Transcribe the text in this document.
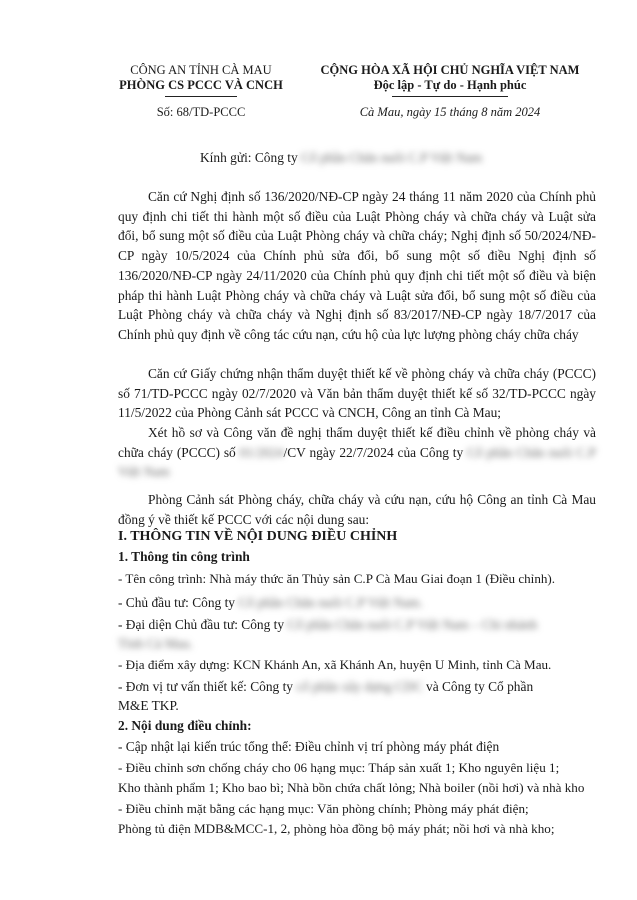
CÔNG AN TỈNH CÀ MAU
PHÒNG CS PCCC VÀ CNCH
Số: 68/TD-PCCC
CỘNG HÒA XÃ HỘI CHỦ NGHĨA VIỆT NAM
Độc lập - Tự do - Hạnh phúc
Cà Mau, ngày 15 tháng 8 năm 2024
Kính gửi: Công ty Cổ phần Chăn nuôi C.P Việt Nam

Căn cứ Nghị định số 136/2020/NĐ-CP ngày 24 tháng 11 năm 2020 của Chính phủ quy định chi tiết thi hành một số điều của Luật Phòng cháy và chữa cháy và Luật sửa đổi, bổ sung một số điều của Luật Phòng cháy và chữa cháy; Nghị định số 50/2024/NĐ-CP ngày 10/5/2024 của Chính phủ sửa đổi, bổ sung một số điều Nghị định số 136/2020/NĐ-CP ngày 24/11/2020 của Chính phủ quy định chi tiết một số điều và biện pháp thi hành Luật Phòng cháy và chữa cháy và Luật sửa đổi, bổ sung một số điều của Luật Phòng cháy và chữa cháy và Nghị định số 83/2017/NĐ-CP ngày 18/7/2017 của Chính phủ quy định về công tác cứu nạn, cứu hộ của lực lượng phòng cháy chữa cháy

Căn cứ Giấy chứng nhận thẩm duyệt thiết kế về phòng cháy và chữa cháy (PCCC) số 71/TD-PCCC ngày 02/7/2020 và Văn bản thẩm duyệt thiết kế số 32/TD-PCCC ngày 11/5/2022 của Phòng Cảnh sát PCCC và CNCH, Công an tỉnh Cà Mau;

Xét hồ sơ và Công văn đề nghị thẩm duyệt thiết kế điều chỉnh về phòng cháy và chữa cháy (PCCC) số 01/2024/CV ngày 22/7/2024 của Công ty Cổ phần Chăn nuôi C.P Việt Nam

Phòng Cảnh sát Phòng cháy, chữa cháy và cứu nạn, cứu hộ Công an tỉnh Cà Mau đồng ý về thiết kế PCCC với các nội dung sau:

I. THÔNG TIN VỀ NỘI DUNG ĐIỀU CHỈNH
1. Thông tin công trình
- Tên công trình: Nhà máy thức ăn Thủy sản C.P Cà Mau Giai đoạn 1 (Điều chỉnh).
- Chủ đầu tư: Công ty Cổ phần Chăn nuôi C.P Việt Nam.
- Đại diện Chủ đầu tư: Công ty Cổ phần Chăn nuôi C.P Việt Nam – Chi nhánh
Tỉnh Cà Mau.
- Địa điểm xây dựng: KCN Khánh An, xã Khánh An, huyện U Minh, tỉnh Cà Mau.
- Đơn vị tư vấn thiết kế: Công ty cổ phần xây dựng CDC và Công ty Cổ phần
M&E TKP.
2. Nội dung điều chỉnh:
- Cập nhật lại kiến trúc tổng thể: Điều chỉnh vị trí phòng máy phát điện
- Điều chỉnh sơn chống cháy cho 06 hạng mục: Tháp sản xuất 1; Kho nguyên liệu 1;
Kho thành phẩm 1; Kho bao bì; Nhà bồn chứa chất lỏng; Nhà boiler (nồi hơi) và nhà kho
- Điều chỉnh mặt bằng các hạng mục: Văn phòng chính; Phòng máy phát điện;
Phòng tủ điện MDB&MCC-1, 2, phòng hòa đồng bộ máy phát; nồi hơi và nhà kho;
